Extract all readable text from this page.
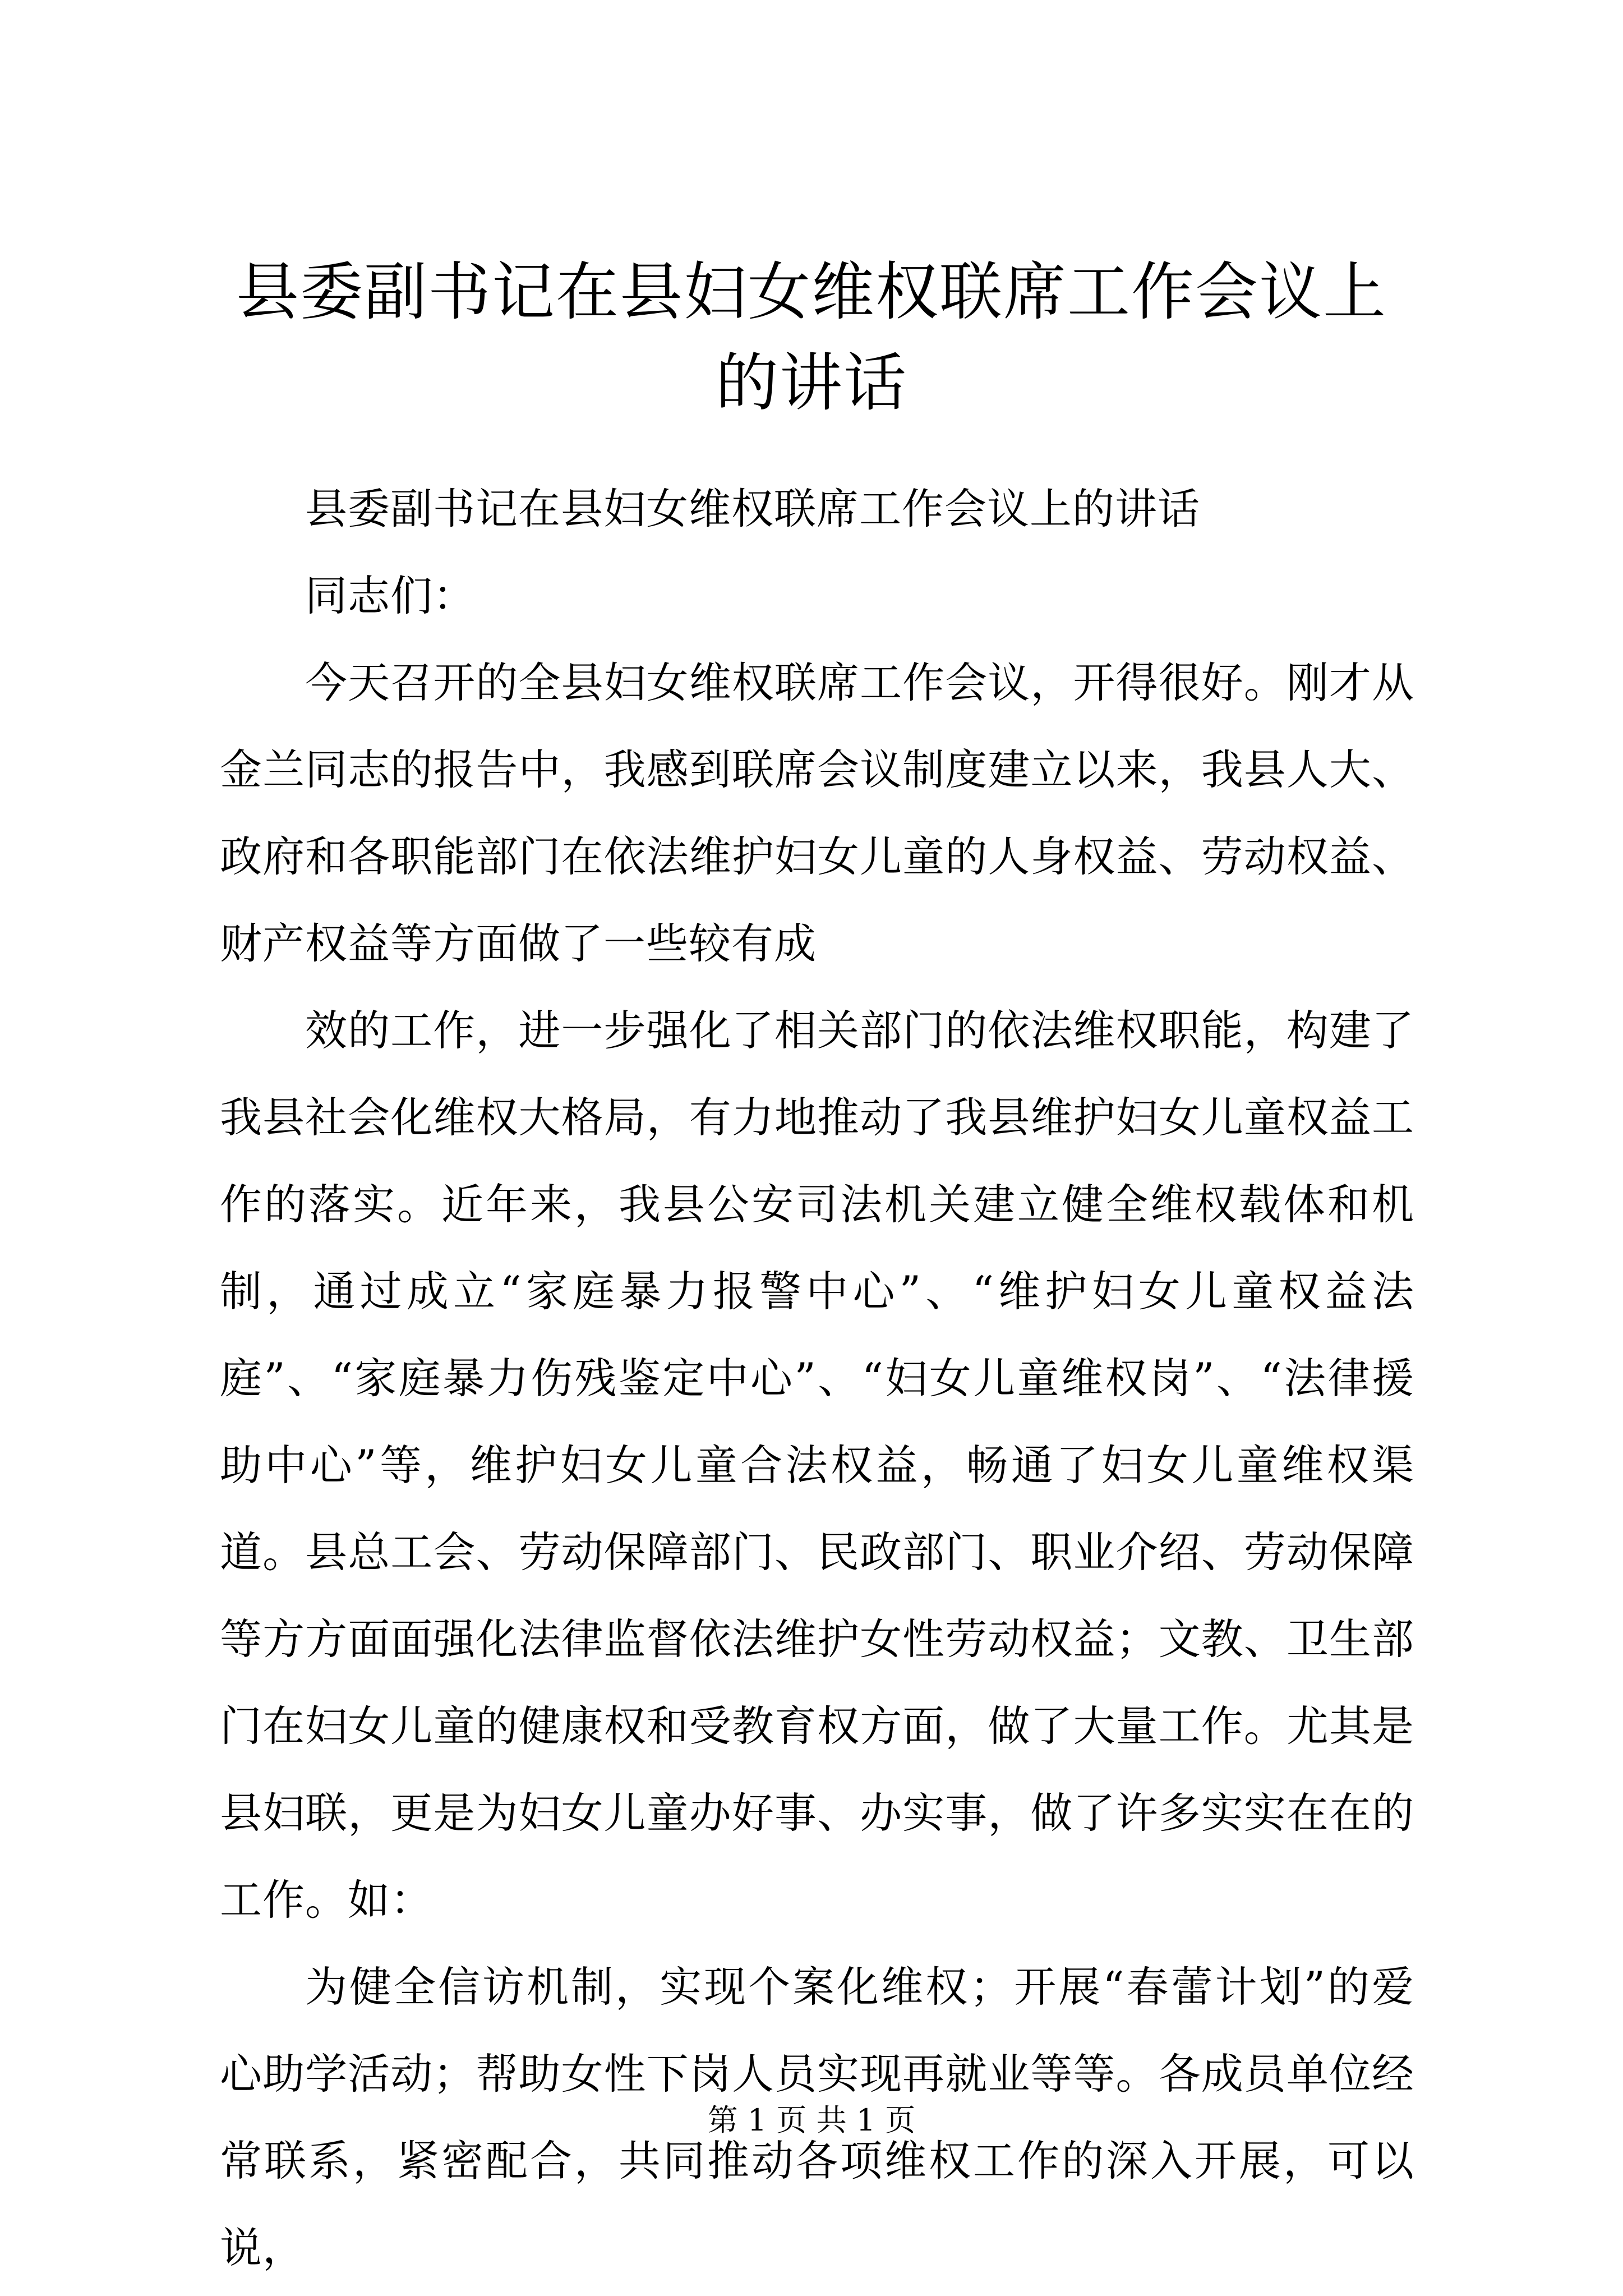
县委副书记在县妇女维权联席工作会议上的讲话

县委副书记在县妇女维权联席工作会议上的讲话

同志们：

今天召开的全县妇女维权联席工作会议，开得很好。刚才从金兰同志的报告中，我感到联席会议制度建立以来，我县人大、政府和各职能部门在依法维护妇女儿童的人身权益、劳动权益、财产权益等方面做了一些较有成

效的工作，进一步强化了相关部门的依法维权职能，构建了我县社会化维权大格局，有力地推动了我县维护妇女儿童权益工作的落实。近年来，我县公安司法机关建立健全维权载体和机制，通过成立“家庭暴力报警中心”、“维护妇女儿童权益法庭”、“家庭暴力伤残鉴定中心”、“妇女儿童维权岗”、“法律援助中心”等，维护妇女儿童合法权益，畅通了妇女儿童维权渠道。县总工会、劳动保障部门、民政部门、职业介绍、劳动保障等方方面面强化法律监督依法维护女性劳动权益；文教、卫生部门在妇女儿童的健康权和受教育权方面，做了大量工作。尤其是县妇联，更是为妇女儿童办好事、办实事，做了许多实实在在的工作。如：

为健全信访机制，实现个案化维权；开展“春蕾计划”的爱心助学活动；帮助女性下岗人员实现再就业等等。各成员单位经常联系，紧密配合，共同推动各项维权工作的深入开展，可以说，

第 1 页 共 1 页
